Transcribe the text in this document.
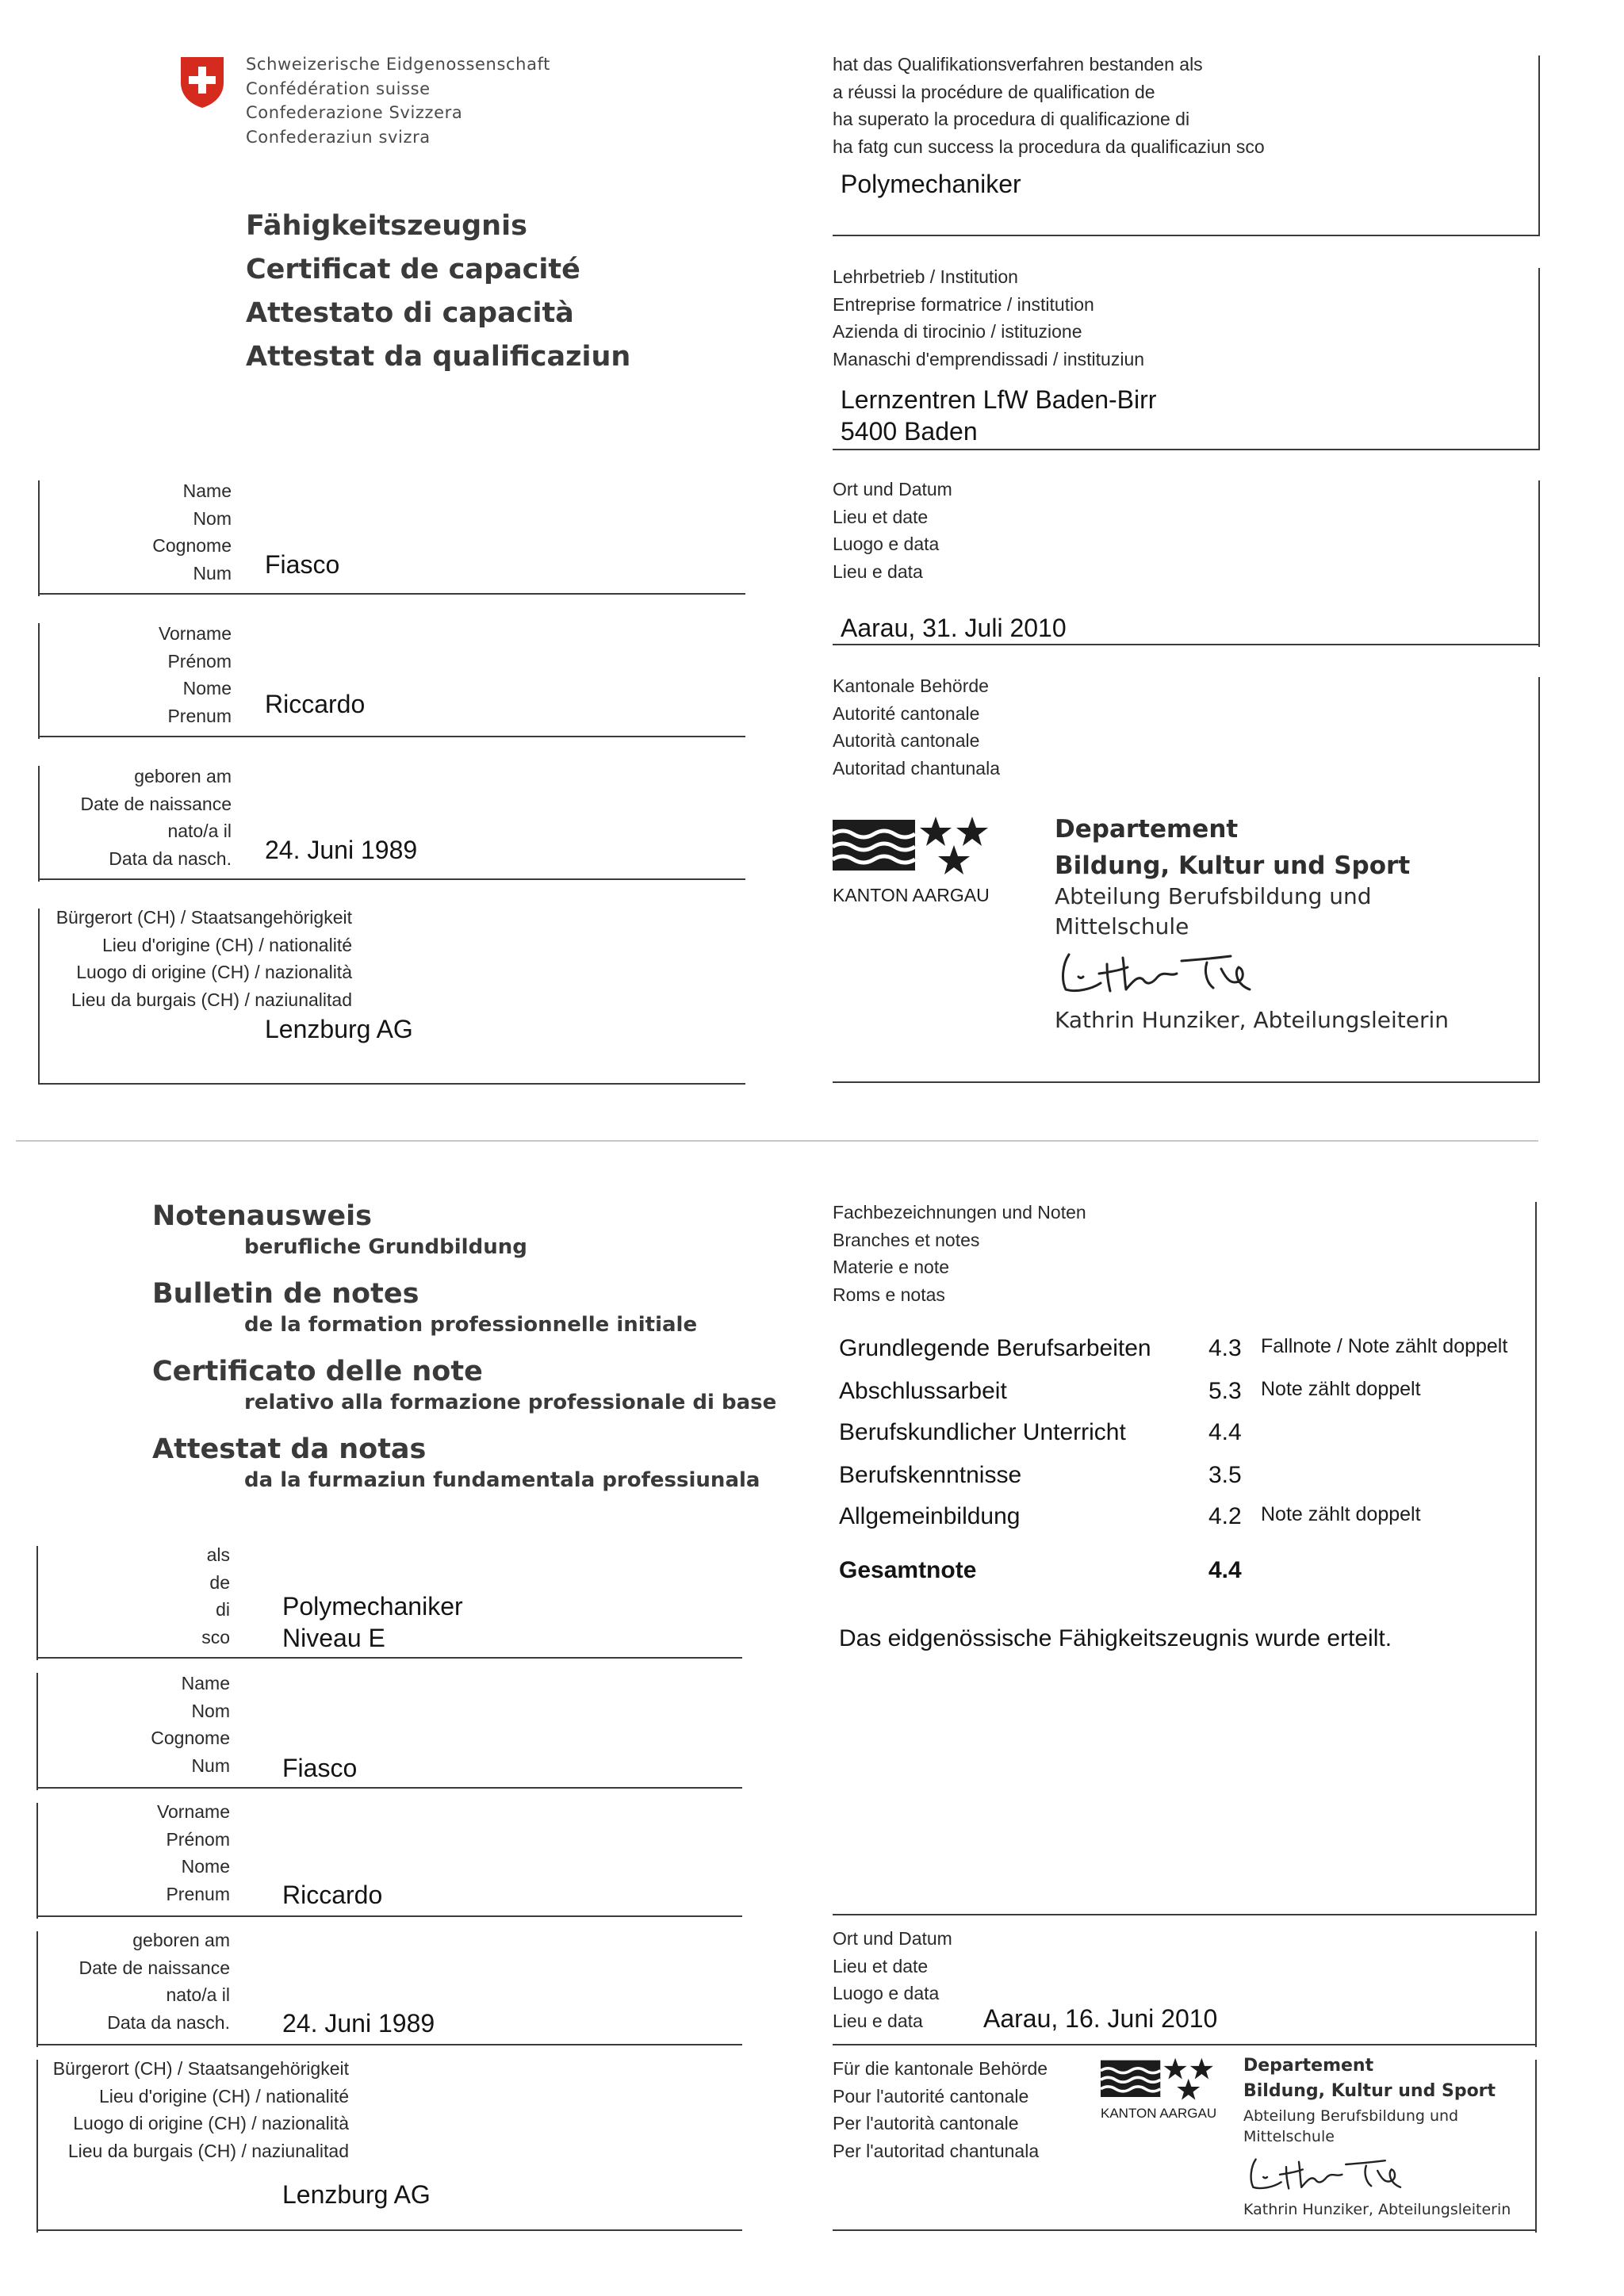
Schweizerische Eidgenossenschaft
Confédération suisse
Confederazione Svizzera
Confederaziun svizra
Fähigkeitszeugnis
Certificat de capacité
Attestato di capacità
Attestat da qualificaziun
Name
Nom
Cognome
Num Fiasco
Vorname
Prénom
Nome
Prenum Riccardo
geboren am
Date de naissance
nato/a il
Data da nasch. 24. Juni 1989
Bürgerort (CH) / Staatsangehörigkeit
Lieu d'origine (CH) / nationalité
Luogo di origine (CH) / nazionalità
Lieu da burgais (CH) / naziunalitad
Lenzburg AG
hat das Qualifikationsverfahren bestanden als
a réussi la procédure de qualification de
ha superato la procedura di qualificazione di
ha fatg cun success la procedura da qualificaziun sco
Polymechaniker
Lehrbetrieb / Institution
Entreprise formatrice / institution
Azienda di tirocinio / istituzione
Manaschi d'emprendissadi / instituziun
Lernzentren LfW Baden-Birr
5400 Baden
Ort und Datum
Lieu et date
Luogo e data
Lieu e data
Aarau, 31. Juli 2010
Kantonale Behörde
Autorité cantonale
Autorità cantonale
Autoritad chantunala
KANTON AARGAU
Departement
Bildung, Kultur und Sport
Abteilung Berufsbildung und
Mittelschule
Kathrin Hunziker, Abteilungsleiterin
Notenausweis
berufliche Grundbildung
Bulletin de notes
de la formation professionnelle initiale
Certificato delle note
relativo alla formazione professionale di base
Attestat da notas
da la furmaziun fundamentala professiunala
als
de
di
sco
Polymechaniker
Niveau E
Name
Nom
Cognome
Num Fiasco
Vorname
Prénom
Nome
Prenum Riccardo
geboren am
Date de naissance
nato/a il
Data da nasch. 24. Juni 1989
Bürgerort (CH) / Staatsangehörigkeit
Lieu d'origine (CH) / nationalité
Luogo di origine (CH) / nazionalità
Lieu da burgais (CH) / naziunalitad
Lenzburg AG
Fachbezeichnungen und Noten
Branches et notes
Materie e note
Roms e notas
Grundlegende Berufsarbeiten 4.3 Fallnote / Note zählt doppelt
Abschlussarbeit	5.3 Note zählt doppelt
Berufskundlicher Unterricht	4.4
Berufskenntnisse	3.5
Allgemeinbildung	4.2 Note zählt doppelt
Gesamtnote	4.4
Das eidgenössische Fähigkeitszeugnis wurde erteilt.
Ort und Datum
Lieu et date
Luogo e data
Lieu e data	Aarau, 16. Juni 2010
Für die kantonale Behörde
Pour l'autorité cantonale
Per l'autorità cantonale
Per l'autoritad chantunala
KANTON AARGAU
Departement
Bildung, Kultur und Sport
Abteilung Berufsbildung und
Mittelschule
Kathrin Hunziker, Abteilungsleiterin
